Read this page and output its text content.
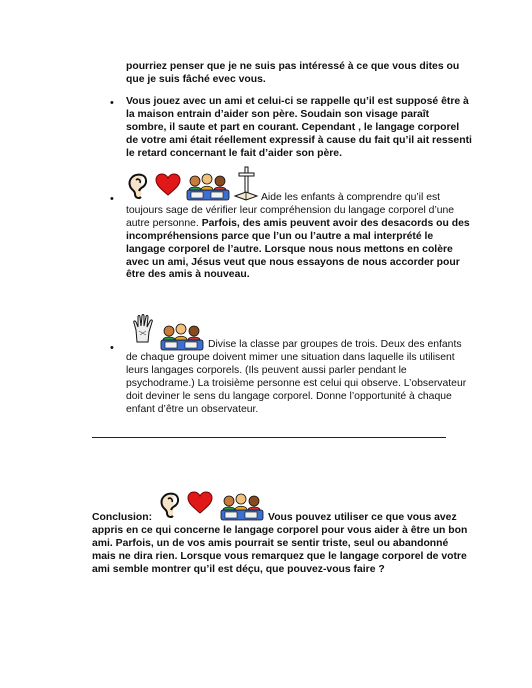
pourriez penser que je ne suis pas intéressé à ce que vous dites ou que je suis fâché evec vous.
• Vous jouez avec un ami et celui-ci se rappelle qu’il est supposé être à la maison entrain d’aider son père. Soudain son visage paraît sombre, il saute et part en courant. Cependant , le langage corporel de votre ami était réellement expressif à cause du fait qu’il ait ressenti le retard concernant le fait d’aider son père.
•	Aide les enfants à comprendre qu’il est toujours sage de vérifier leur compréhension du langage corporel d’une autre personne. Parfois, des amis peuvent avoir des desacords ou des incompréhensions parce que l’un ou l’autre a mal interprété le langage corporel de l’autre. Lorsque nous nous mettons en colère avec un ami, Jésus veut que nous essayons de nous accorder pour être des amis à nouveau.
•	Divise la classe par groupes de trois. Deux des enfants de chaque groupe doivent mimer une situation dans laquelle ils utilisent leurs langages corporels. (Ils peuvent aussi parler pendant le psychodrame.) La troisième personne est celui qui observe. L’observateur doit deviner le sens du langage corporel. Donne l’opportunité à chaque enfant d’être un observateur.
Conclusion:	Vous pouvez utiliser ce que vous avez appris en ce qui concerne le langage corporel pour vous aider à être un bon ami. Parfois, un de vos amis pourrait se sentir triste, seul ou abandonné mais ne dira rien. Lorsque vous remarquez que le langage corporel de votre ami semble montrer qu’il est déçu, que pouvez-vous faire ?
